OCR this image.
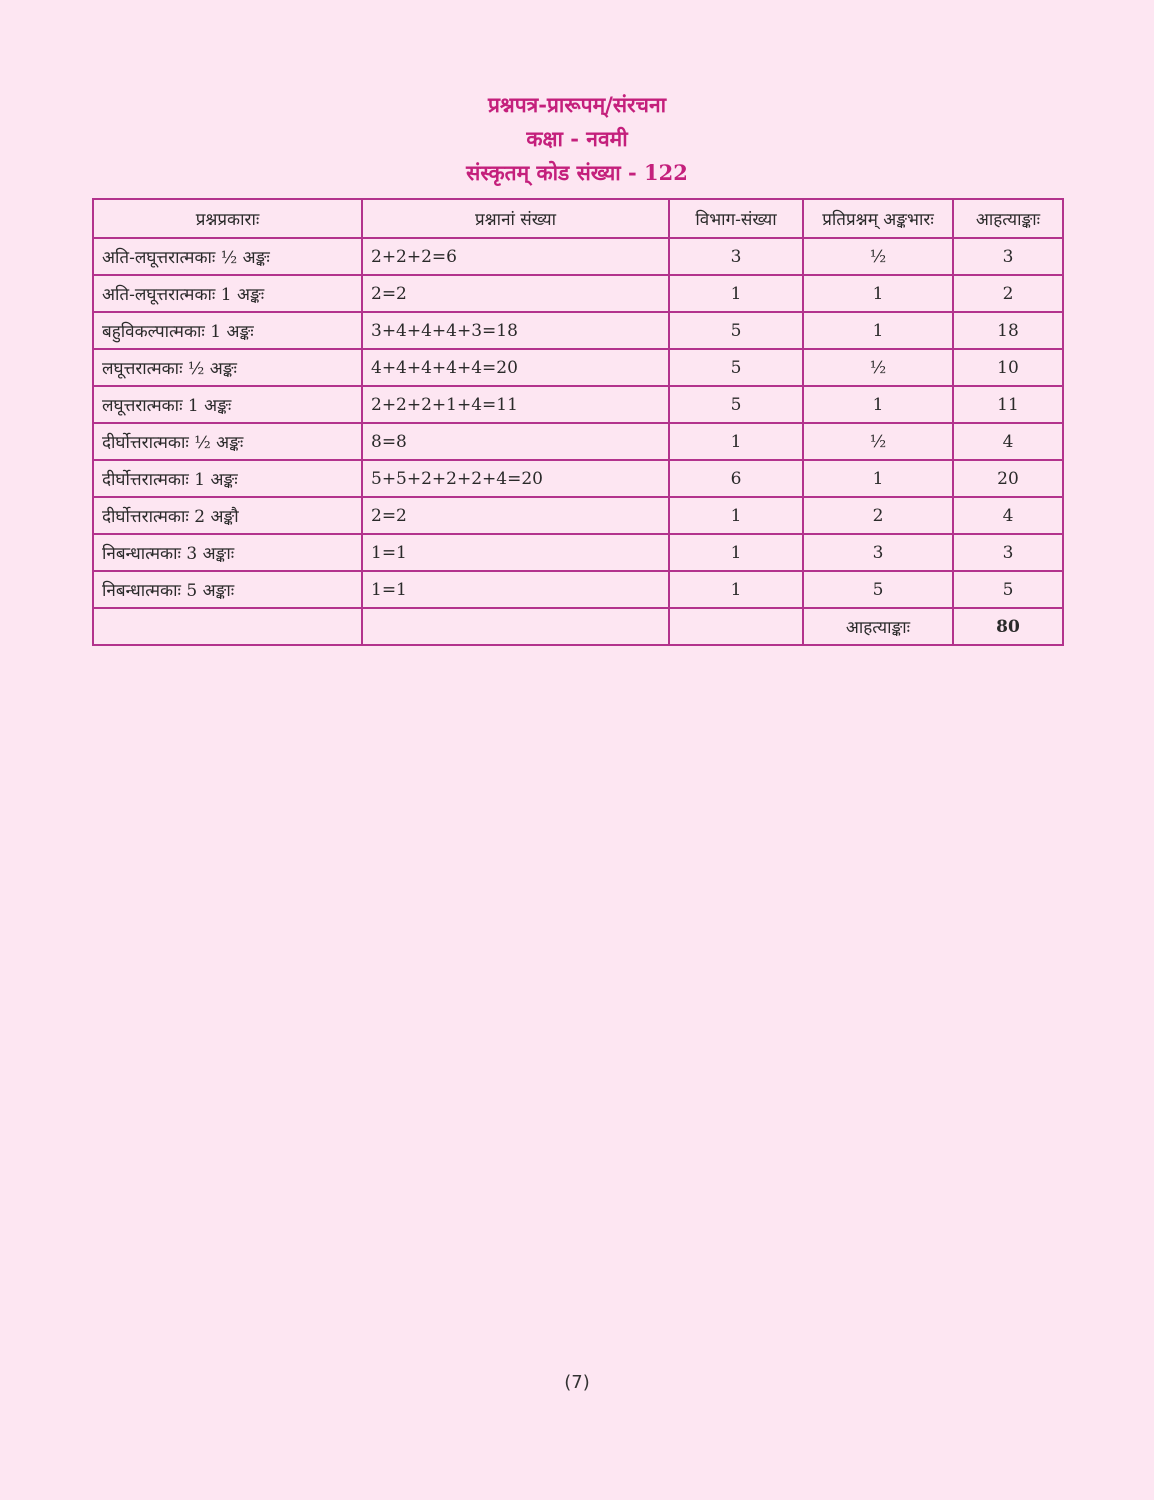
प्रश्नपत्र-प्रारूपम्/संरचना
कक्षा - नवमी
संस्कृतम् कोड संख्या - 122
प्रश्नप्रकाराः	प्रश्नानां संख्या	विभाग-संख्या	प्रतिप्रश्नम् अङ्कभारः	आहत्याङ्काः
अति-लघूत्तरात्मकाः ½ अङ्कः	2+2+2=6	3	½	3
अति-लघूत्तरात्मकाः 1 अङ्कः	2=2	1	1	2
बहुविकल्पात्मकाः 1 अङ्कः	3+4+4+4+3=18	5	1	18
लघूत्तरात्मकाः ½ अङ्कः	4+4+4+4+4=20	5	½	10
लघूत्तरात्मकाः 1 अङ्कः	2+2+2+1+4=11	5	1	11
दीर्घोत्तरात्मकाः ½ अङ्कः	8=8	1	½	4
दीर्घोत्तरात्मकाः 1 अङ्कः	5+5+2+2+2+4=20	6	1	20
दीर्घोत्तरात्मकाः 2 अङ्कौ	2=2	1	2	4
निबन्धात्मकाः 3 अङ्काः	1=1	1	3	3
निबन्धात्मकाः 5 अङ्काः	1=1	1	5	5
			आहत्याङ्काः	80
(7)
